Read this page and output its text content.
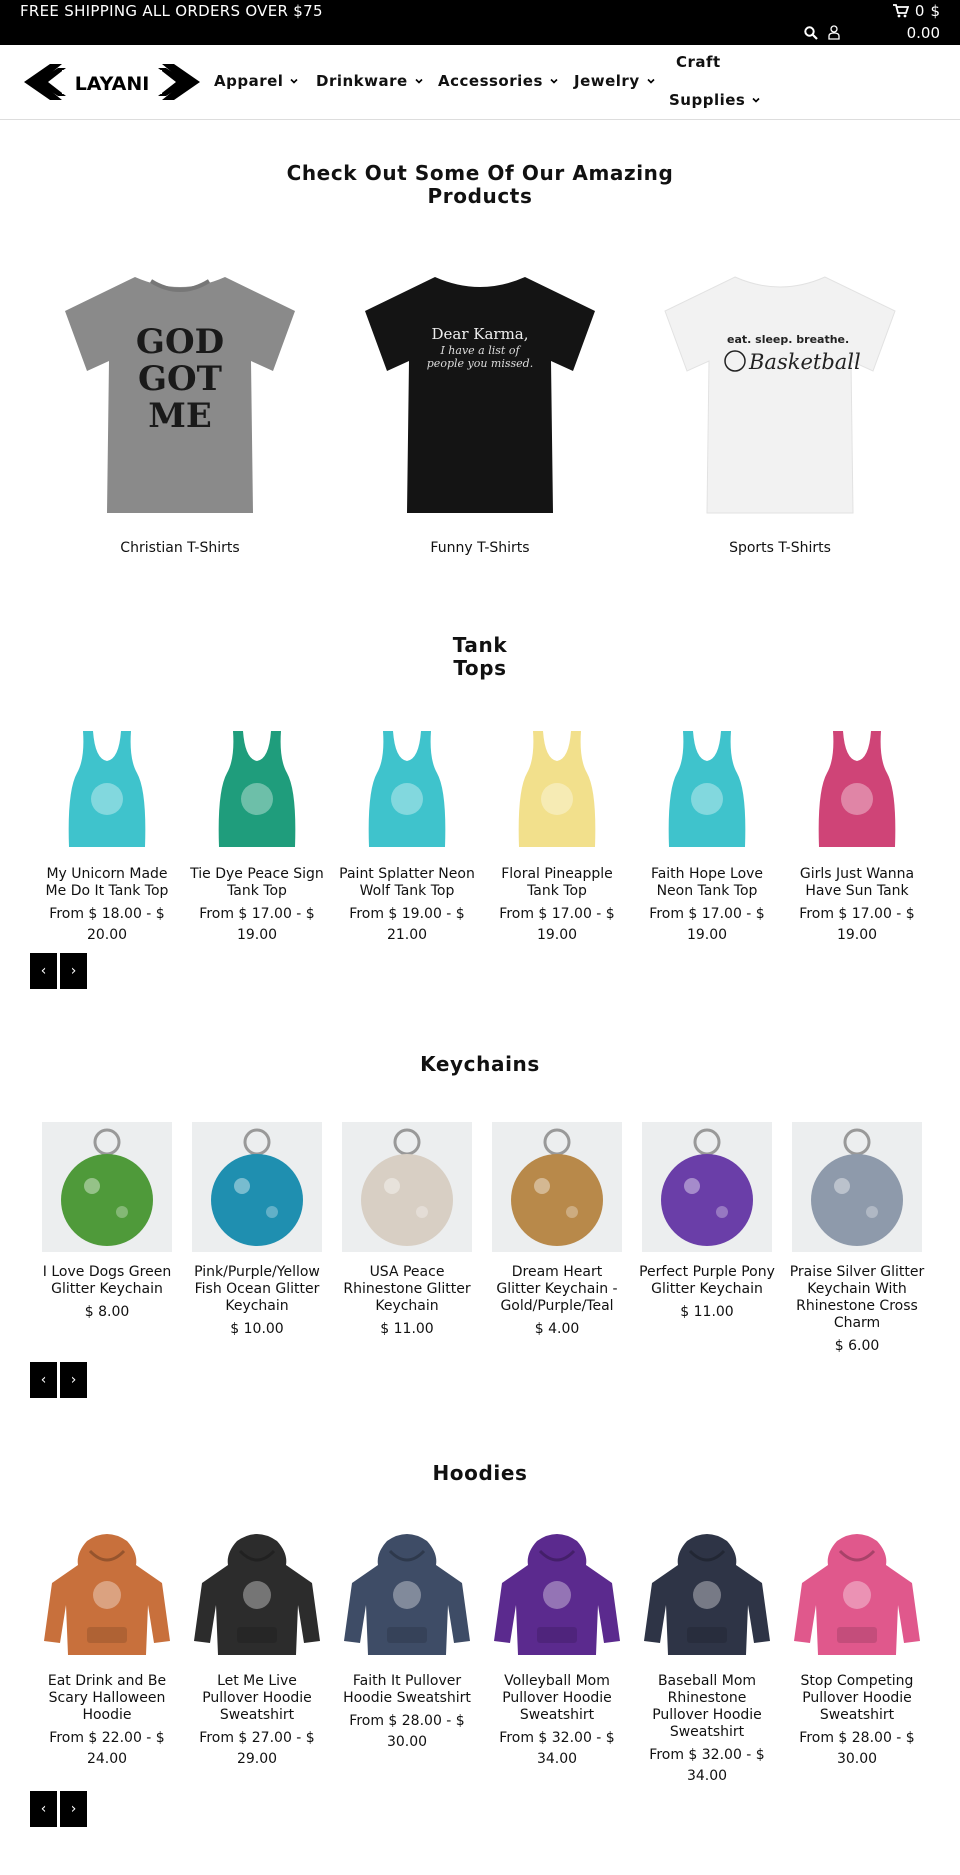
FREE SHIPPING ALL ORDERS OVER $75	0 $
0.00
LAYANI	Apparel Drinkware Accessories Jewelry
Craft
Supplies
Check Out Some Of Our Amazing
Products
GOD
GOT
ME
Christian T-Shirts
Dear Karma,
I have a list of
people you missed.
Funny T-Shirts
eat. sleep. breathe.
Basketball
Sports T-Shirts
Tank
Tops
My Unicorn Made Me Do It Tank Top
From $ 18.00 - $
20.00
Tie Dye Peace Sign Tank Top
From $ 17.00 - $
19.00
Paint Splatter Neon Wolf Tank Top
From $ 19.00 - $
21.00
Floral Pineapple Tank Top
From $ 17.00 - $
19.00
Faith Hope Love Neon Tank Top
From $ 17.00 - $
19.00
Girls Just Wanna Have Sun Tank
From $ 17.00 - $
19.00
‹	›
Keychains
I Love Dogs Green Glitter Keychain
$ 8.00
Pink/Purple/Yellow Fish Ocean Glitter Keychain
$ 10.00
USA Peace Rhinestone Glitter Keychain
$ 11.00
Dream Heart Glitter Keychain - Gold/Purple/Teal
$ 4.00
Perfect Purple Pony Glitter Keychain
$ 11.00
Praise Silver Glitter Keychain With Rhinestone Cross Charm
$ 6.00
‹	›
Hoodies
Eat Drink and Be Scary Halloween Hoodie
From $ 22.00 - $
24.00
Let Me Live Pullover Hoodie Sweatshirt
From $ 27.00 - $
29.00
Faith It Pullover Hoodie Sweatshirt
From $ 28.00 - $
30.00
Volleyball Mom Pullover Hoodie Sweatshirt
From $ 32.00 - $
34.00
Baseball Mom Rhinestone Pullover Hoodie Sweatshirt
From $ 32.00 - $
34.00
Stop Competing Pullover Hoodie Sweatshirt
From $ 28.00 - $
30.00
‹	›
